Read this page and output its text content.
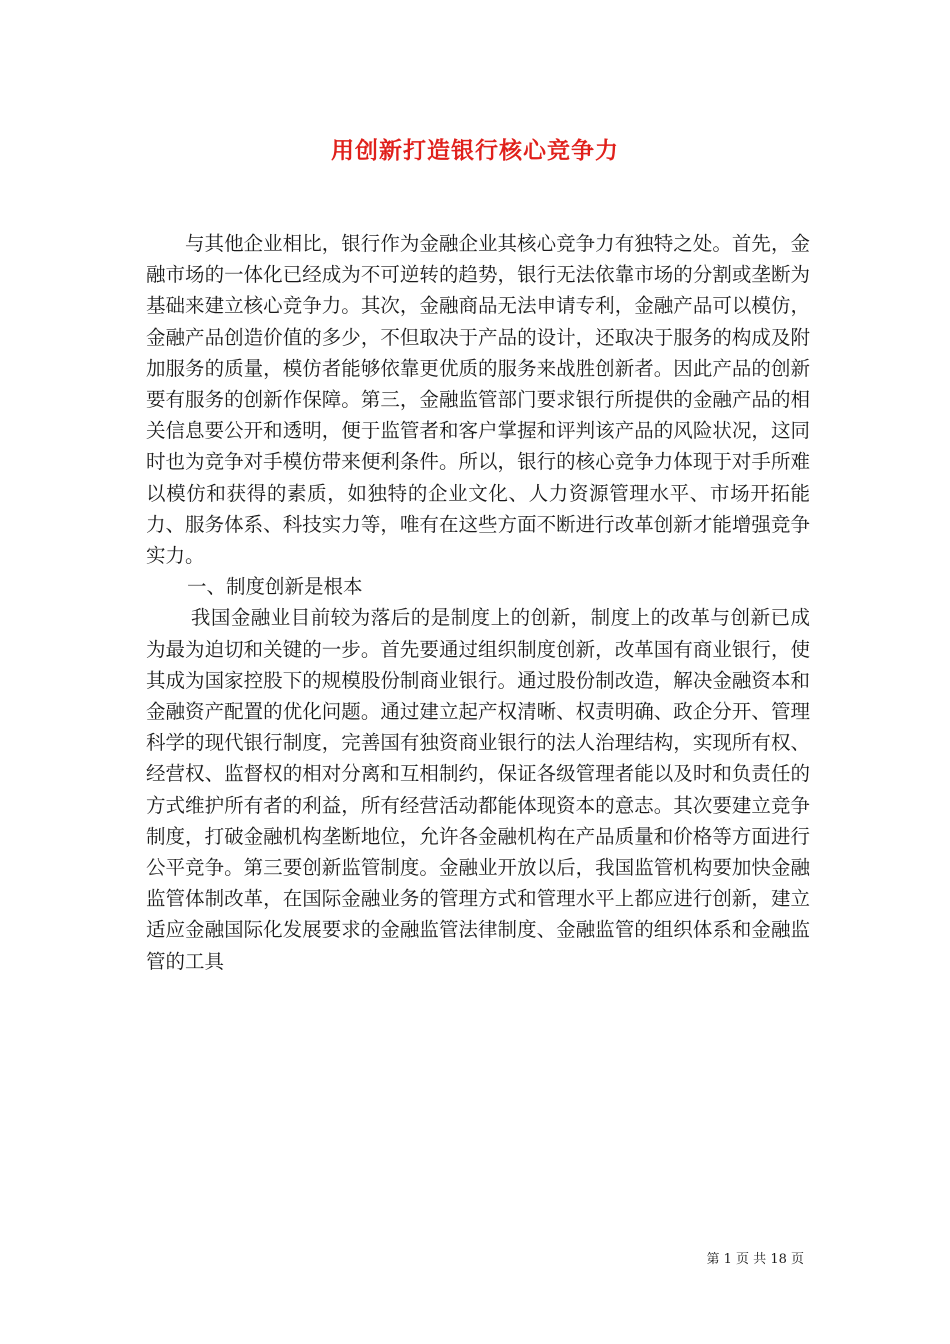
用创新打造银行核心竞争力

与其他企业相比，银行作为金融企业其核心竞争力有独特之处。首先，金融市场的一体化已经成为不可逆转的趋势，银行无法依靠市场的分割或垄断为基础来建立核心竞争力。其次，金融商品无法申请专利，金融产品可以模仿，金融产品创造价值的多少，不但取决于产品的设计，还取决于服务的构成及附加服务的质量，模仿者能够依靠更优质的服务来战胜创新者。因此产品的创新要有服务的创新作保障。第三，金融监管部门要求银行所提供的金融产品的相关信息要公开和透明，便于监管者和客户掌握和评判该产品的风险状况，这同时也为竞争对手模仿带来便利条件。所以，银行的核心竞争力体现于对手所难以模仿和获得的素质，如独特的企业文化、人力资源管理水平、市场开拓能力、服务体系、科技实力等，唯有在这些方面不断进行改革创新才能增强竞争实力。

一、制度创新是根本

我国金融业目前较为落后的是制度上的创新，制度上的改革与创新已成为最为迫切和关键的一步。首先要通过组织制度创新，改革国有商业银行，使其成为国家控股下的规模股份制商业银行。通过股份制改造，解决金融资本和金融资产配置的优化问题。通过建立起产权清晰、权责明确、政企分开、管理科学的现代银行制度，完善国有独资商业银行的法人治理结构，实现所有权、经营权、监督权的相对分离和互相制约，保证各级管理者能以及时和负责任的方式维护所有者的利益，所有经营活动都能体现资本的意志。其次要建立竞争制度，打破金融机构垄断地位，允许各金融机构在产品质量和价格等方面进行公平竞争。第三要创新监管制度。金融业开放以后，我国监管机构要加快金融监管体制改革，在国际金融业务的管理方式和管理水平上都应进行创新，建立适应金融国际化发展要求的金融监管法律制度、金融监管的组织体系和金融监管的工具

第 1 页 共 18 页
